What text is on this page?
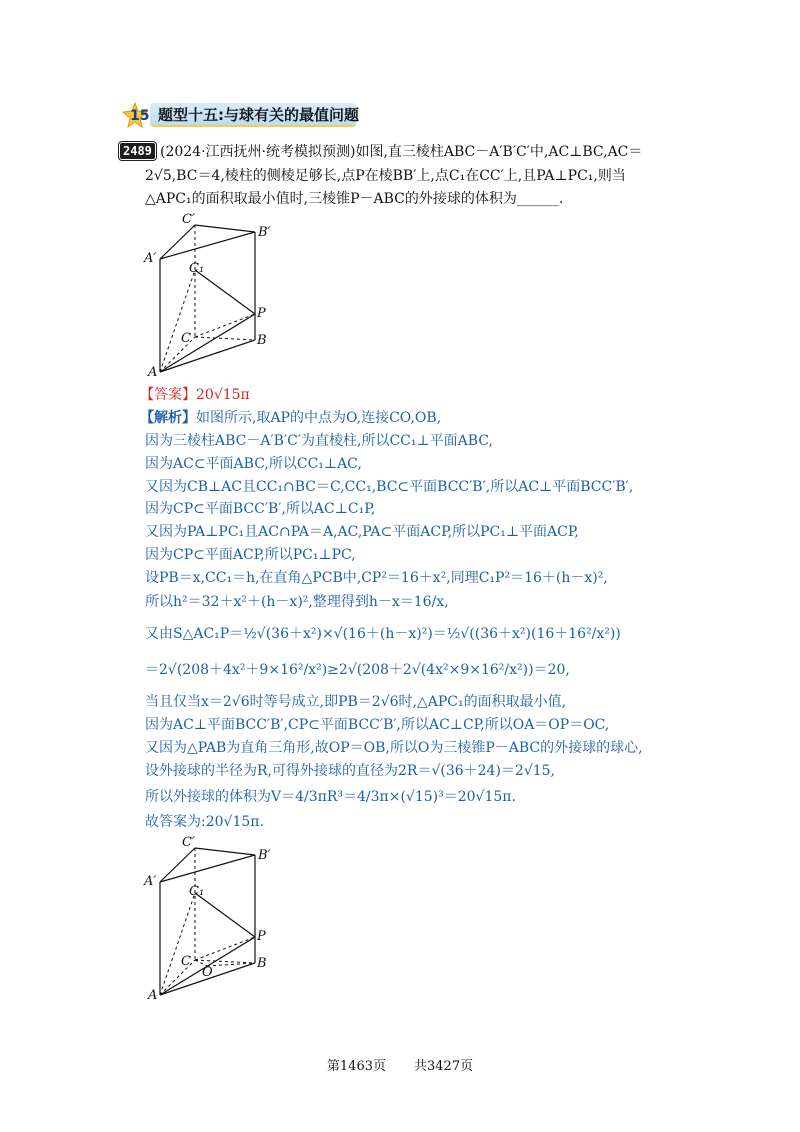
15 题型十五:与球有关的最值问题
2489 (2024·江西抚州·统考模拟预测)如图,直三棱柱ABC－A′B′C′中,AC⊥BC,AC＝
2√5,BC＝4,棱柱的侧棱足够长,点P在棱BB′上,点C₁在CC′上,且PA⊥PC₁,则当
△APC₁的面积取最小值时,三棱锥P－ABC的外接球的体积为______.
C′
B′
A′
C₁
P
C	B
A
【答案】20√15π
【解析】如图所示,取AP的中点为O,连接CO,OB,
因为三棱柱ABC－A′B′C′为直棱柱,所以CC₁⊥平面ABC,
因为AC⊂平面ABC,所以CC₁⊥AC,
又因为CB⊥AC且CC₁∩BC＝C,CC₁,BC⊂平面BCC′B′,所以AC⊥平面BCC′B′,
因为CP⊂平面BCC′B′,所以AC⊥C₁P,
又因为PA⊥PC₁且AC∩PA＝A,AC,PA⊂平面ACP,所以PC₁⊥平面ACP,
因为CP⊂平面ACP,所以PC₁⊥PC,
设PB＝x,CC₁＝h,在直角△PCB中,CP²＝16＋x²,同理C₁P²＝16＋(h－x)²,
所以h²＝32＋x²＋(h－x)²,整理得到h－x＝16/x,
又由S△AC₁P＝½√(36＋x²)×√(16＋(h－x)²)＝½√((36＋x²)(16＋16²/x²))
＝2√(208＋4x²＋9×16²/x²)≥2√(208＋2√(4x²×9×16²/x²))＝20,
当且仅当x＝2√6时等号成立,即PB＝2√6时,△APC₁的面积取最小值,
因为AC⊥平面BCC′B′,CP⊂平面BCC′B′,所以AC⊥CP,所以OA＝OP＝OC,
又因为△PAB为直角三角形,故OP＝OB,所以O为三棱锥P－ABC的外接球的球心,
设外接球的半径为R,可得外接球的直径为2R＝√(36＋24)＝2√15,
所以外接球的体积为V＝4/3πR³＝4/3π×(√15)³＝20√15π.
故答案为:20√15π.
C′
B′
A′
C₁
P
C
O
B
A
第1463页 共3427页
